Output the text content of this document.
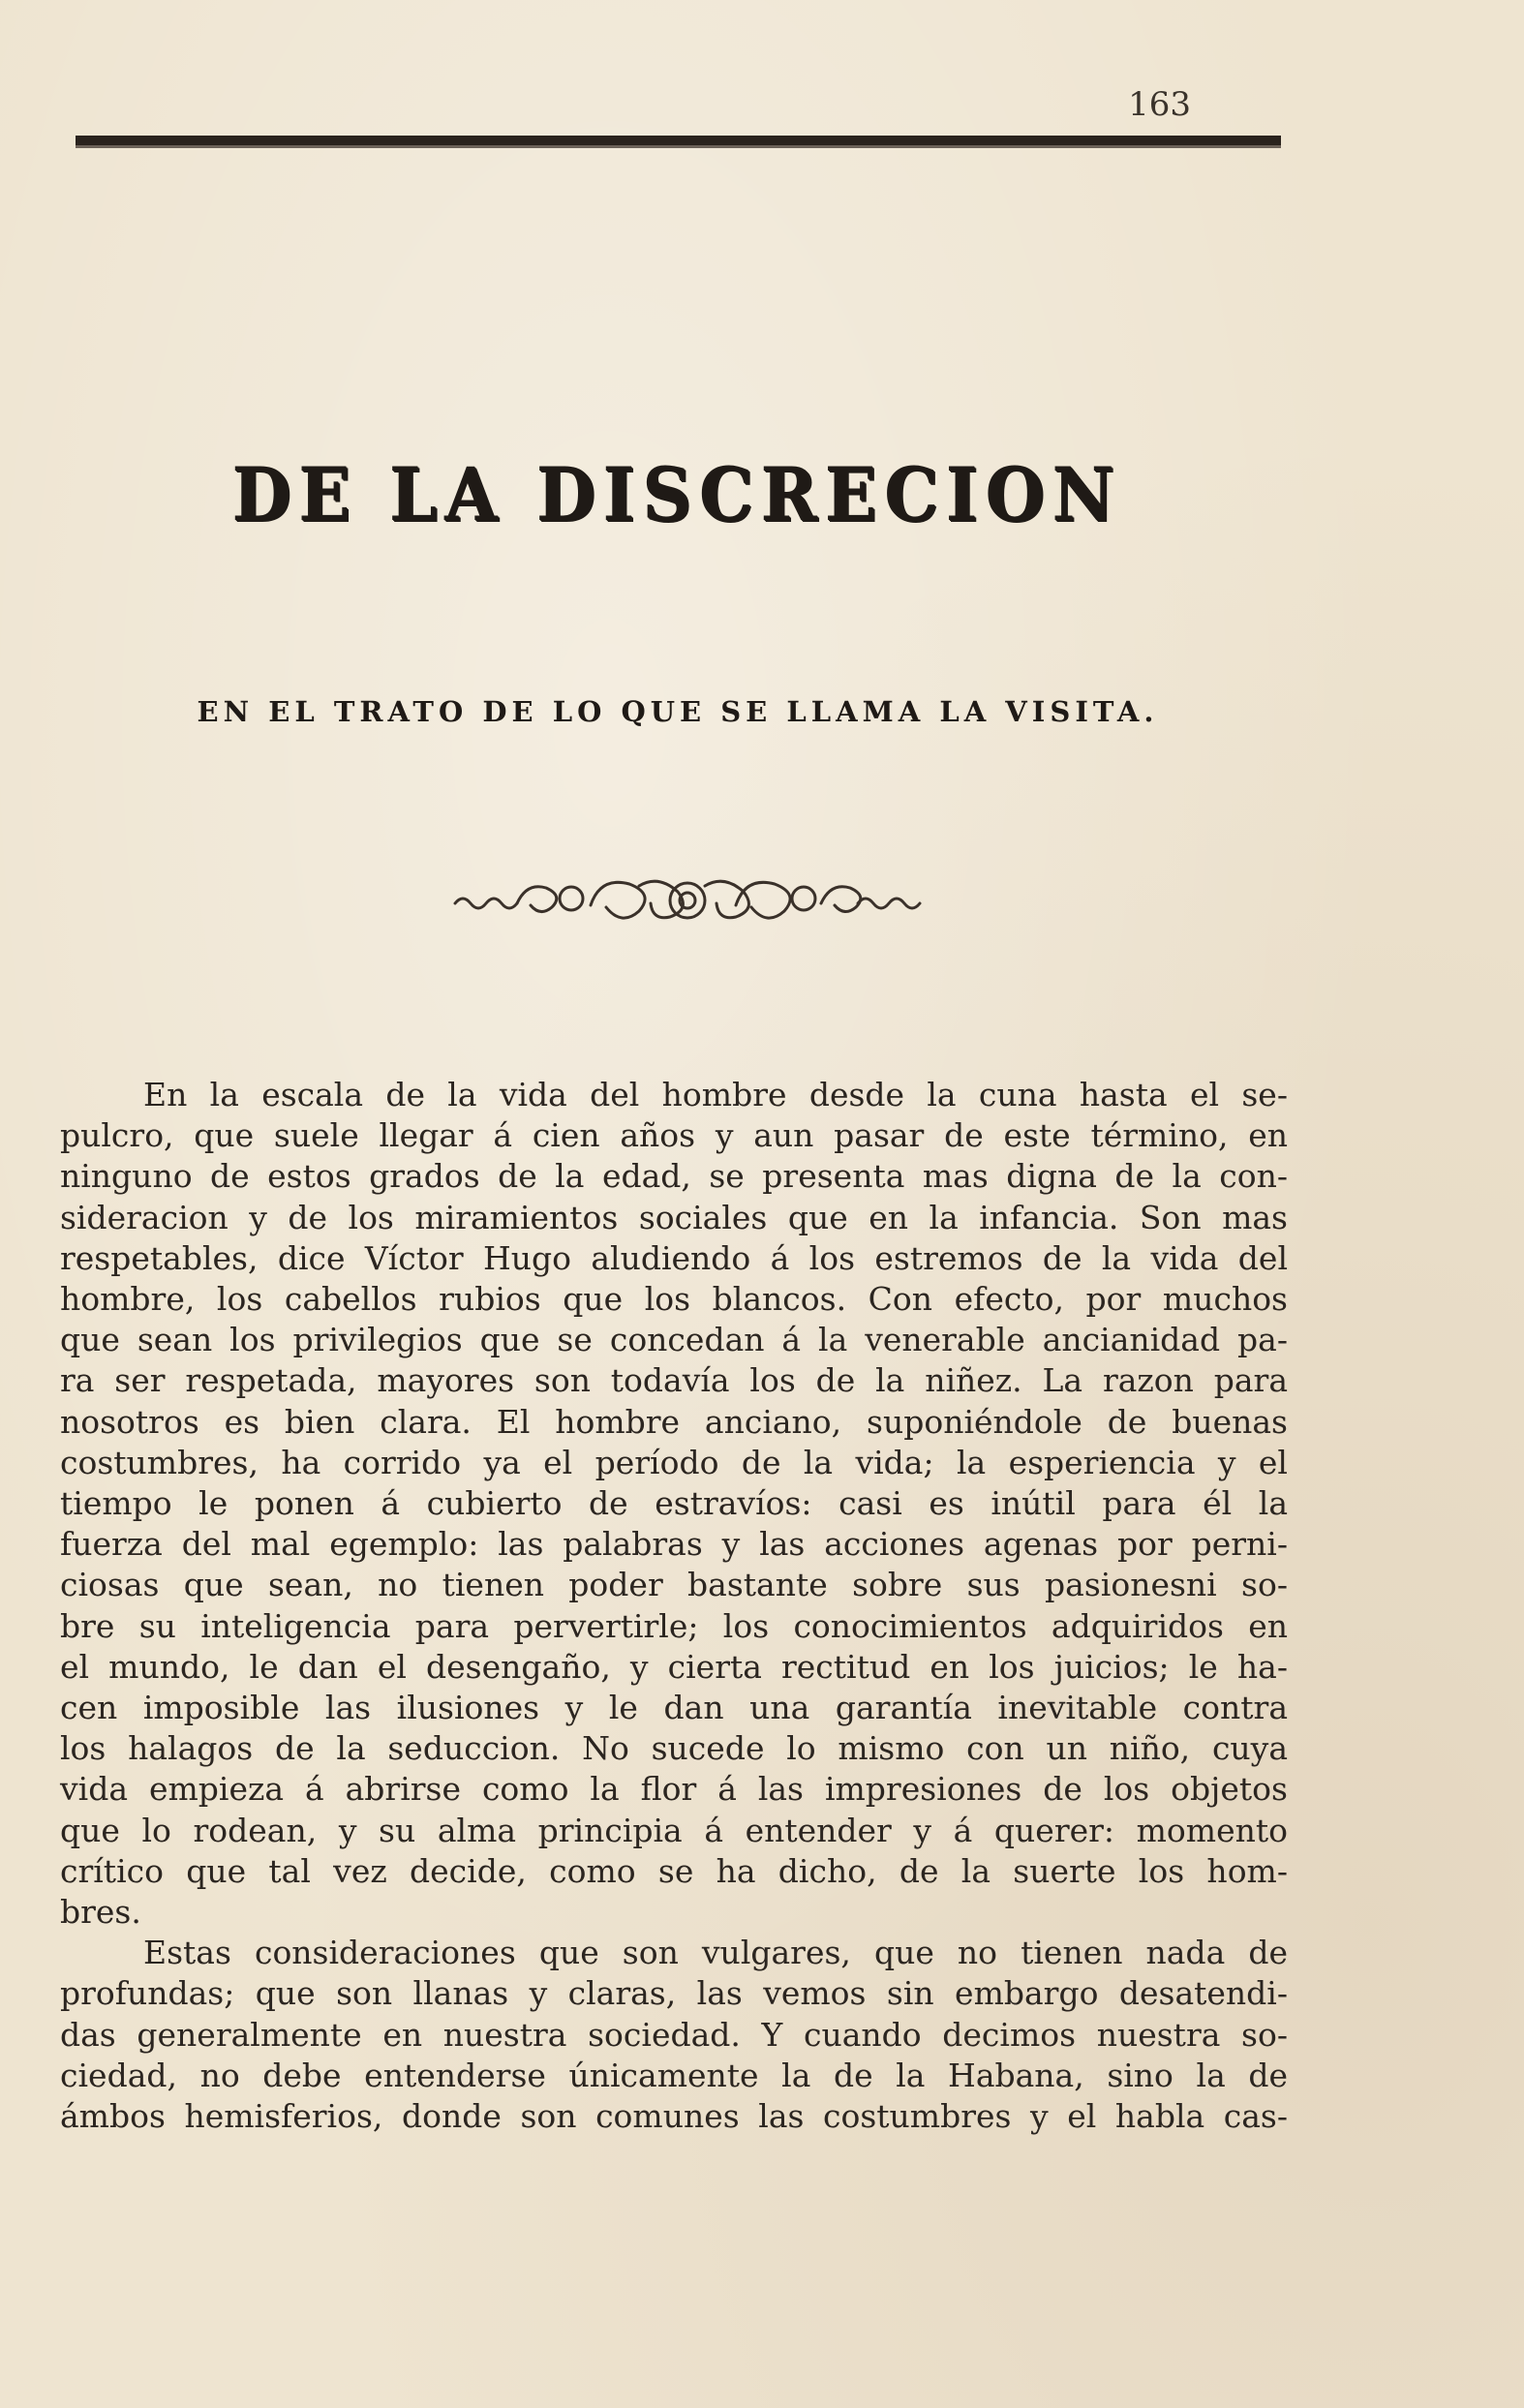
163
DE LA DISCRECION
EN EL TRATO DE LO QUE SE LLAMA LA VISITA.
En la escala de la vida del hombre desde la cuna hasta el se-
pulcro, que suele llegar á cien años y aun pasar de este término, en
ninguno de estos grados de la edad, se presenta mas digna de la con-
sideracion y de los miramientos sociales que en la infancia. Son mas
respetables, dice Víctor Hugo aludiendo á los estremos de la vida del
hombre, los cabellos rubios que los blancos. Con efecto, por muchos
que sean los privilegios que se concedan á la venerable ancianidad pa-
ra ser respetada, mayores son todavía los de la niñez. La razon para
nosotros es bien clara. El hombre anciano, suponiéndole de buenas
costumbres, ha corrido ya el período de la vida; la esperiencia y el
tiempo le ponen á cubierto de estravíos: casi es inútil para él la
fuerza del mal egemplo: las palabras y las acciones agenas por perni-
ciosas que sean, no tienen poder bastante sobre sus pasionesni so-
bre su inteligencia para pervertirle; los conocimientos adquiridos en
el mundo, le dan el desengaño, y cierta rectitud en los juicios; le ha-
cen imposible las ilusiones y le dan una garantía inevitable contra
los halagos de la seduccion. No sucede lo mismo con un niño, cuya
vida empieza á abrirse como la flor á las impresiones de los objetos
que lo rodean, y su alma principia á entender y á querer: momento
crítico que tal vez decide, como se ha dicho, de la suerte los hom-
bres.
Estas consideraciones que son vulgares, que no tienen nada de
profundas; que son llanas y claras, las vemos sin embargo desatendi-
das generalmente en nuestra sociedad. Y cuando decimos nuestra so-
ciedad, no debe entenderse únicamente la de la Habana, sino la de
ámbos hemisferios, donde son comunes las costumbres y el habla cas-
